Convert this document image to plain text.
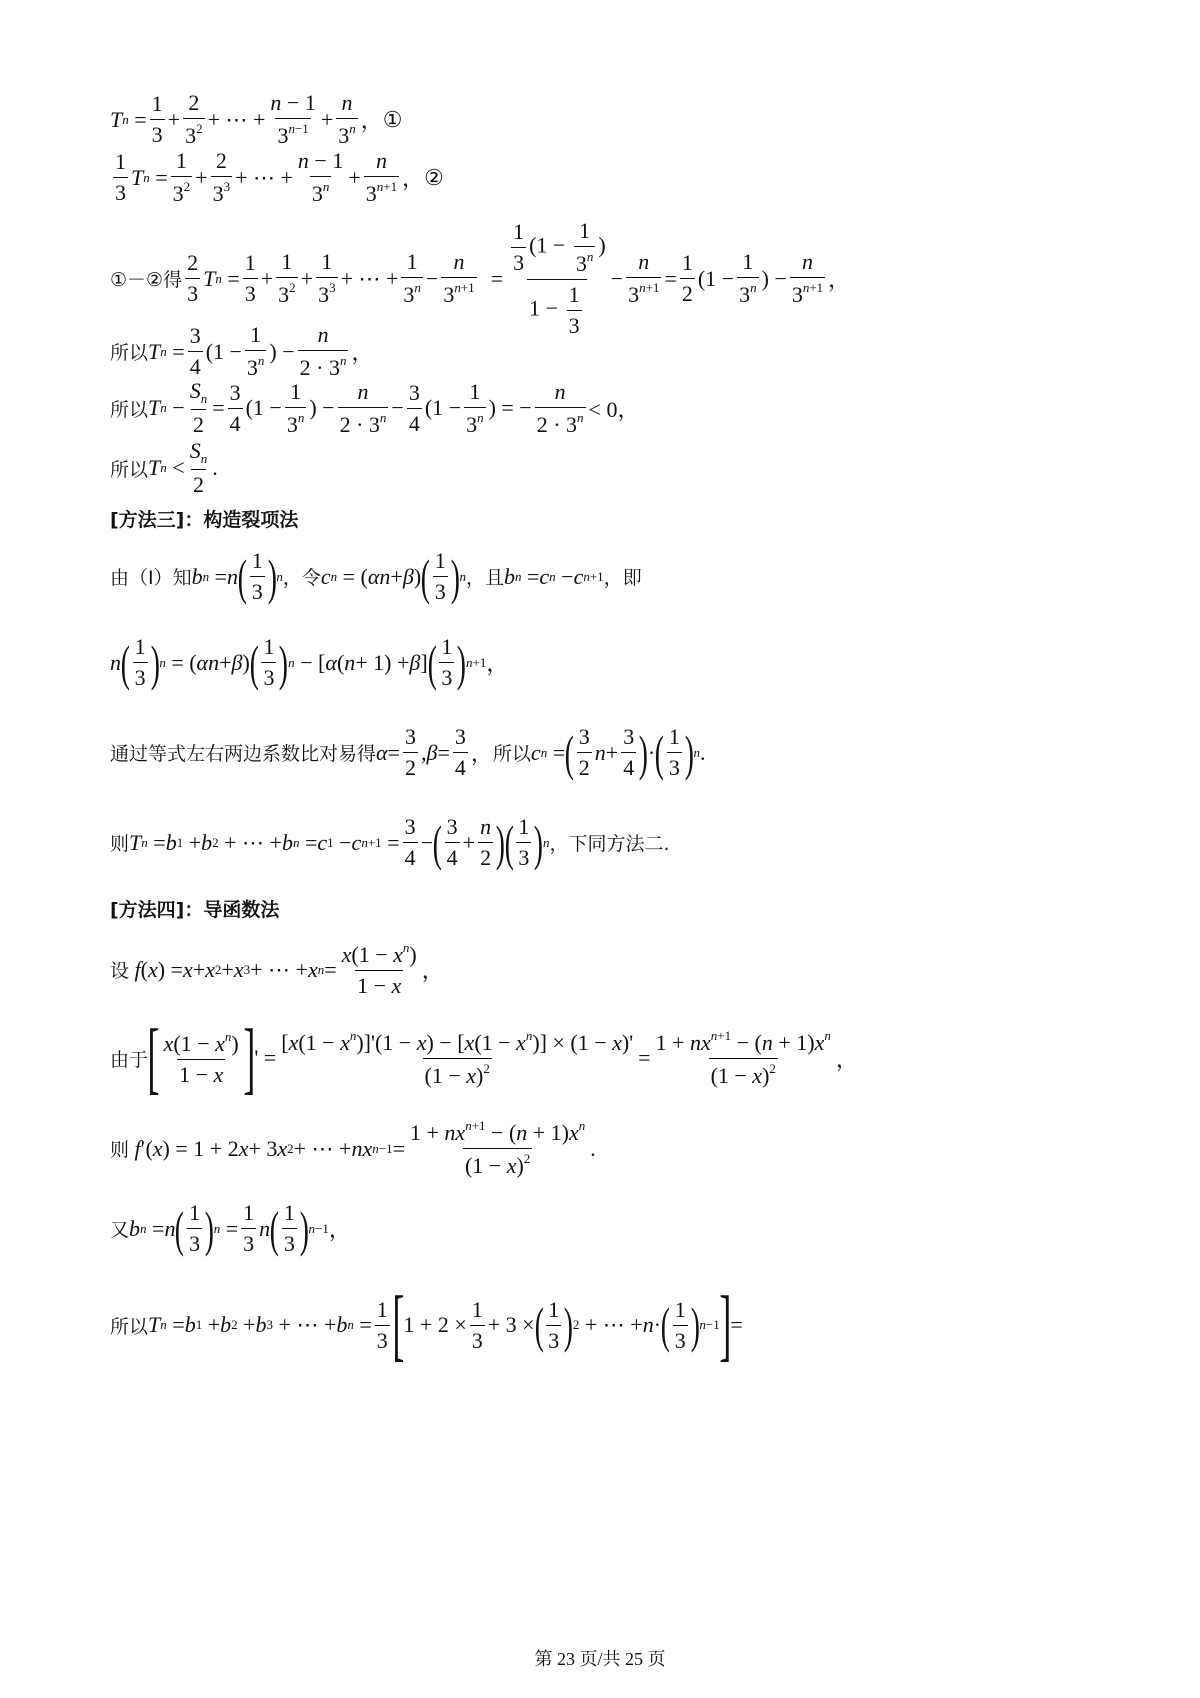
T $n = \frac{1}{3} + \frac{2}{3^2}$ + ⋯ + $\frac{n - 1}{3^{n-1}} + \frac{n}{3^n}$ ， ①
$\frac{1}{3}$ T $n = \frac{1}{3^2} + \frac{2}{3^3}$ + ⋯ + $\frac{n - 1}{3^n} + \frac{n}{3^{n+1}}$ ， ②
①－②得 $\frac{2}{3}$ T $n = \frac{1}{3} + \frac{1}{3^2} + \frac{1}{3^3}$ + ⋯ + $\frac{1}{3^n} - \frac{n}{3^{n+1}} = \frac{\frac{1}{3} (1 - \frac{1}{3^n} )}{1 - \frac{1}{3}} - \frac{n}{3^{n+1}} = \frac{1}{2} (1 - \frac{1}{3^n}$ ) − $\frac{n}{3^{n+1}}$ ，
所以 T $n = \frac{3}{4} (1 - \frac{1}{3^n}$ ) − $\frac{n}{2 \cdot 3^n}$ ，
所以 T $n - \frac{S_n}{2} = \frac{3}{4} (1 - \frac{1}{3^n}$ ) − $\frac{n}{2 \cdot 3^n} - \frac{3}{4} (1 - \frac{1}{3^n}$ ) = − $\frac{n}{2 \cdot 3^n} < 0$，
所以 T $n < \frac{S_n}{2}$ .
[方法三]：构造裂项法
由（Ⅰ）知 b n = n ( $\frac{1}{3}$ ) n ，令 c n = ( αn + β ) ( $\frac{1}{3}$ ) n ，且 b n = c n − c n+1 ，即
n ( $\frac{1}{3}$ ) n = ( αn + β ) ( $\frac{1}{3}$ ) n − [ α ( n + 1) + β ] ( $\frac{1}{3}$ ) n+1 ，
通过等式左右两边系数比对易得 $\alpha = \frac{3}{2}$ , $\beta = \frac{3}{4}$ ， 所以 c n = ( $\frac{3}{2}$ $n + \frac{3}{4}$ ) · ( $\frac{1}{3}$ ) n .
则 T n = b 1 + b 2 + ⋯ + b n = c 1 − c $n+1 = \frac{3}{4}$ − ( $\frac{3}{4} + \frac{n}{2}$ ) ( $\frac{1}{3}$ ) n ，下同方法二.
[方法四]：导函数法
设
f ( x ) = x + x 2 + x 3 + ⋯ + x $n = \frac{x(1 - x^n)}{1 - x}$ ，
由于 [ $\frac{x(1 - x^n)}{1 - x}$ ] ' = $\frac{[x(1 - x^n)]'(1 - x) - [x(1 - x^n)] \times (1 - x)'}{(1 - x)^2} = \frac{1 + nx^{n+1} - (n + 1)x^n}{(1 - x)^2}$ ，
则
f ′( x ) = 1 + 2 x + 3 x 2 + ⋯ + nx $n-1 = \frac{1 + nx^{n+1} - (n + 1)x^n}{(1 - x)^2}$ .
又 b n = n ( $\frac{1}{3}$ ) $n = \frac{1}{3}$ n ( $\frac{1}{3}$ ) n−1 ，
所以 T n = b 1 + b 2 + b 3 + ⋯ + b $n = \frac{1}{3}$ [ $1 + 2 \times \frac{1}{3} + 3$ × ( $\frac{1}{3}$ ) 2 + ⋯ + n · ( $\frac{1}{3}$ ) n−1 ] =
第 23 页/共 25 页
